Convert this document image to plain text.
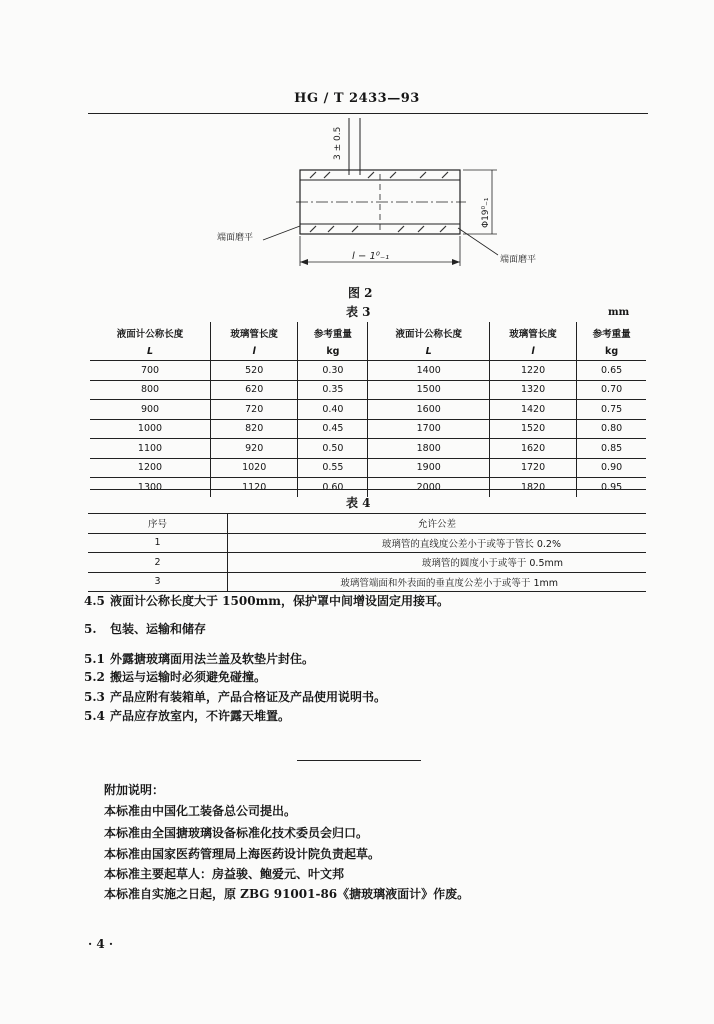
HG / T 2433—93
3 ± 0.5
Φ19⁰₋₁
l − 1⁰₋₁
端面磨平
端面磨平
图 2
表 3	mm
液面计公称长度	玻璃管长度	参考重量	液面计公称长度	玻璃管长度	参考重量
L	l	kg	L	l	kg
700	520	0.30	1400	1220	0.65
800	620	0.35	1500	1320	0.70
900	720	0.40	1600	1420	0.75
1000	820	0.45	1700	1520	0.80
1100	920	0.50	1800	1620	0.85
1200	1020	0.55	1900	1720	0.90
1300	1120	0.60	2000	1820	0.95
表 4
序号	允许公差
1	玻璃管的直线度公差小于或等于管长 0.2%
2	玻璃管的圆度小于或等于 0.5mm
3	玻璃管端面和外表面的垂直度公差小于或等于 1mm
4.5 液面计公称长度大于 1500mm，保护罩中间增设固定用接耳。
5. 包装、运输和储存
5.1 外露搪玻璃面用法兰盖及软垫片封住。
5.2 搬运与运输时必须避免碰撞。
5.3 产品应附有装箱单，产品合格证及产品使用说明书。
5.4 产品应存放室内，不许露天堆置。
附加说明：
本标准由中国化工装备总公司提出。
本标准由全国搪玻璃设备标准化技术委员会归口。
本标准由国家医药管理局上海医药设计院负责起草。
本标准主要起草人：房益骏、鲍爱元、叶文邦
本标准自实施之日起，原 ZBG 91001-86《搪玻璃液面计》作废。
· 4 ·
